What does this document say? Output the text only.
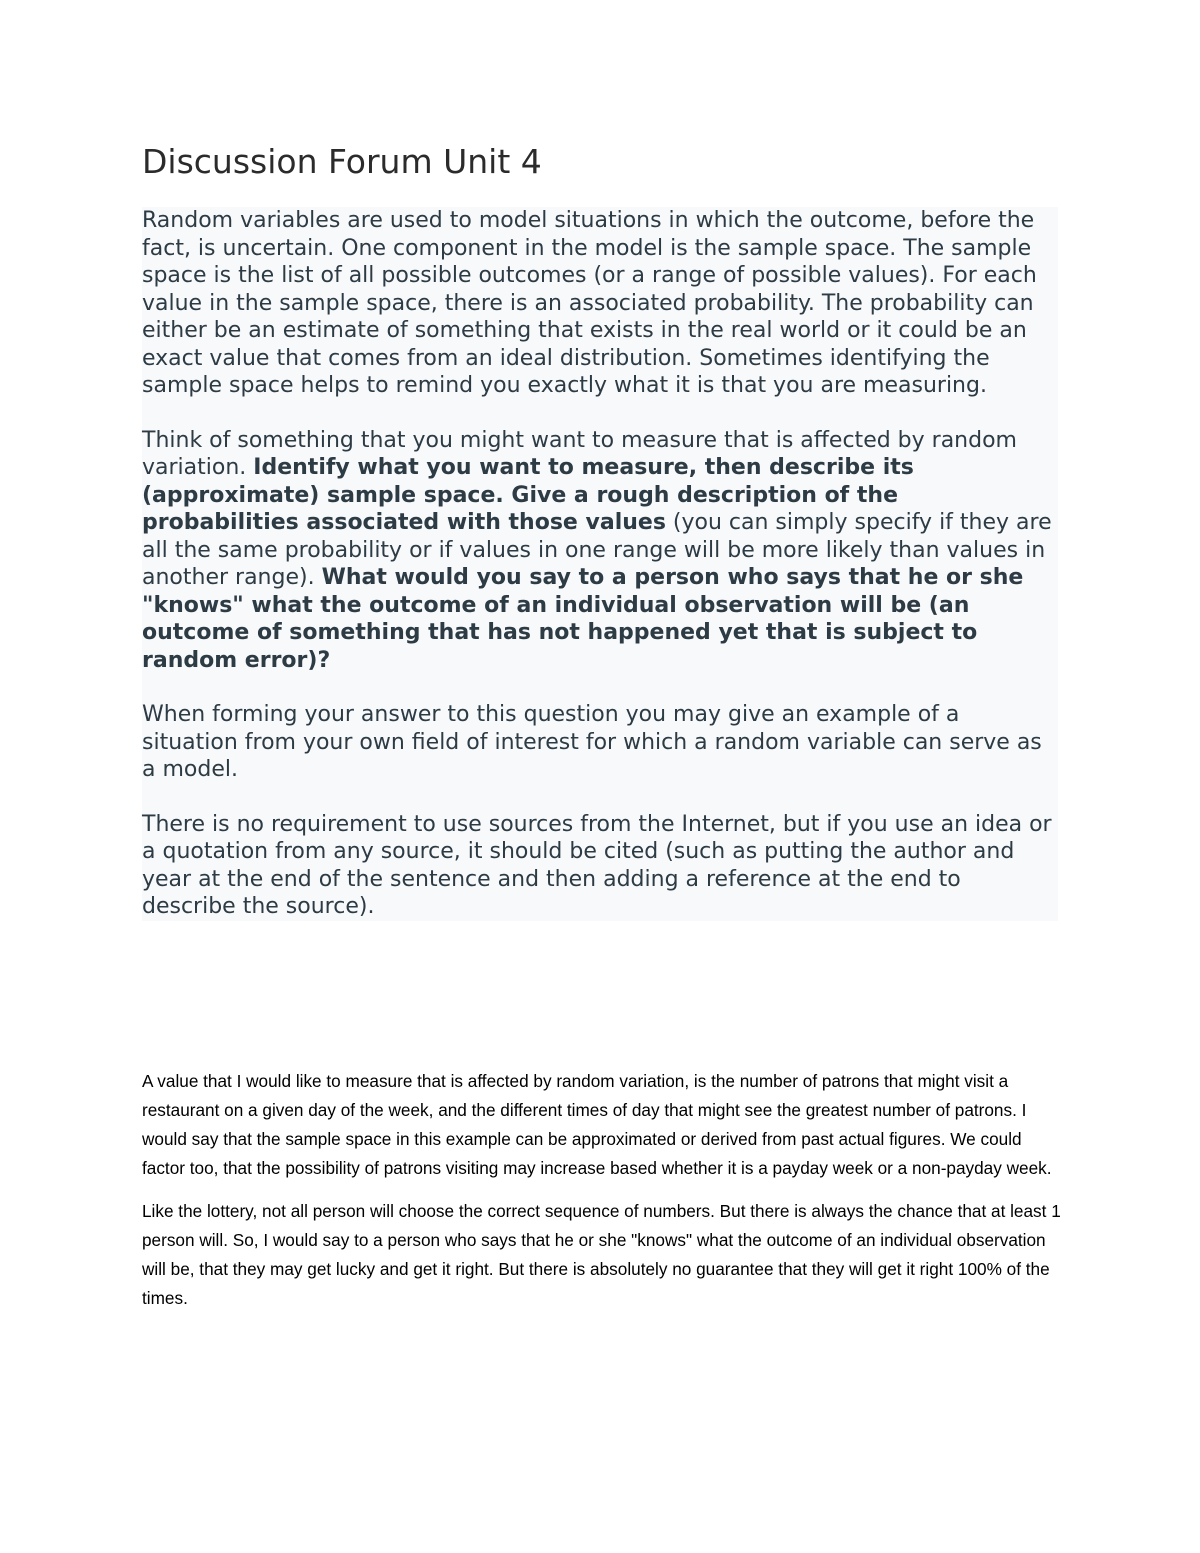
Discussion Forum Unit 4

Random variables are used to model situations in which the outcome, before the fact, is uncertain. One component in the model is the sample space. The sample space is the list of all possible outcomes (or a range of possible values). For each value in the sample space, there is an associated probability. The probability can either be an estimate of something that exists in the real world or it could be an exact value that comes from an ideal distribution. Sometimes identifying the sample space helps to remind you exactly what it is that you are measuring.

Think of something that you might want to measure that is affected by random variation. Identify what you want to measure, then describe its (approximate) sample space. Give a rough description of the probabilities associated with those values (you can simply specify if they are all the same probability or if values in one range will be more likely than values in another range). What would you say to a person who says that he or she "knows" what the outcome of an individual observation will be (an outcome of something that has not happened yet that is subject to random error)?

When forming your answer to this question you may give an example of a situation from your own field of interest for which a random variable can serve as a model.

There is no requirement to use sources from the Internet, but if you use an idea or a quotation from any source, it should be cited (such as putting the author and year at the end of the sentence and then adding a reference at the end to describe the source).

A value that I would like to measure that is affected by random variation, is the number of patrons that might visit a restaurant on a given day of the week, and the different times of day that might see the greatest number of patrons. I would say that the sample space in this example can be approximated or derived from past actual figures. We could factor too, that the possibility of patrons visiting may increase based whether it is a payday week or a non-payday week.

Like the lottery, not all person will choose the correct sequence of numbers. But there is always the chance that at least 1 person will. So, I would say to a person who says that he or she "knows" what the outcome of an individual observation will be, that they may get lucky and get it right. But there is absolutely no guarantee that they will get it right 100% of the times.
